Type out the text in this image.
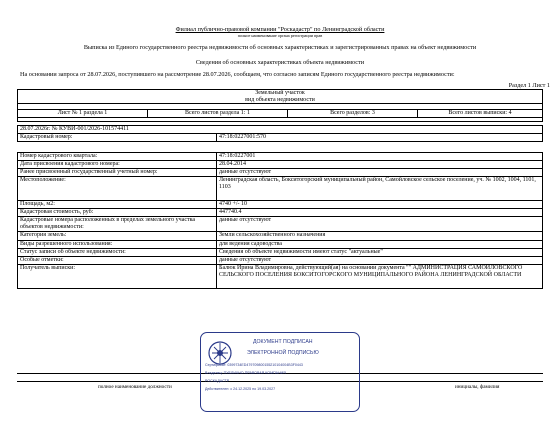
Филиал публично-правовой компании "Роскадастр" по Ленинградской области
полное наименование органа регистрации прав
Выписка из Единого государственного реестра недвижимости об основных характеристиках и зарегистрированных правах на объект недвижимости
Сведения об основных характеристиках объекта недвижимости
На основании запроса от 28.07.2026, поступившего на рассмотрение 28.07.2026, сообщаем, что согласно записям Единого государственного реестра недвижимости:
Раздел 1 Лист 1
Земельный участок
вид объекта недвижимости

Лист № 1 раздела 1	Всего листов раздела 1: 1	Всего разделов: 3	Всего листов выписки: 4

28.07.2026г. № КУВИ-001/2026-101574411
Кадастровый номер:	47:18:0227001:570
Номер кадастрового квартала:	47:18:0227001
Дата присвоения кадастрового номера:	28.04.2014
Ранее присвоенный государственный учетный номер:	данные отсутствуют
Местоположение:	Ленинградская область, Бокситогорский муниципальный район, Самойловское сельское поселение, уч. № 1002, 1004, 1101, 1103
Площадь, м2:	4740 +/- 10
Кадастровая стоимость, руб:	447740.4
Кадастровые номера расположенных в пределах земельного участка объектов недвижимости:	данные отсутствуют
Категория земель:	Земли сельскохозяйственного назначения
Виды разрешенного использования:	для ведения садоводства
Статус записи об объекте недвижимости:	Сведения об объекте недвижимости имеют статус "актуальные"
Особые отметки:	данные отсутствуют
Получатель выписки:	Балюк Ирина Владимировна, действующий(ая) на основании документа "" АДМИНИСТРАЦИЯ САМОЙЛОВСКОГО СЕЛЬСКОГО ПОСЕЛЕНИЯ БОКСИТОГОРСКОГО МУНИЦИПАЛЬНОГО РАЙОНА ЛЕНИНГРАДСКОЙ ОБЛАСТИ
полное наименование должности	инициалы, фамилия
ДОКУМЕНТ ПОДПИСАН
ЭЛЕКТРОННОЙ ПОДПИСЬЮ
Сертификат: 0399734ED479709800155210104004B3F0443
Владелец: ПУБЛИЧНО-ПРАВОВАЯ КОМПАНИЯ
РОСКАДАСТР
Действителен: с 24.12.2025 по 19.03.2027
